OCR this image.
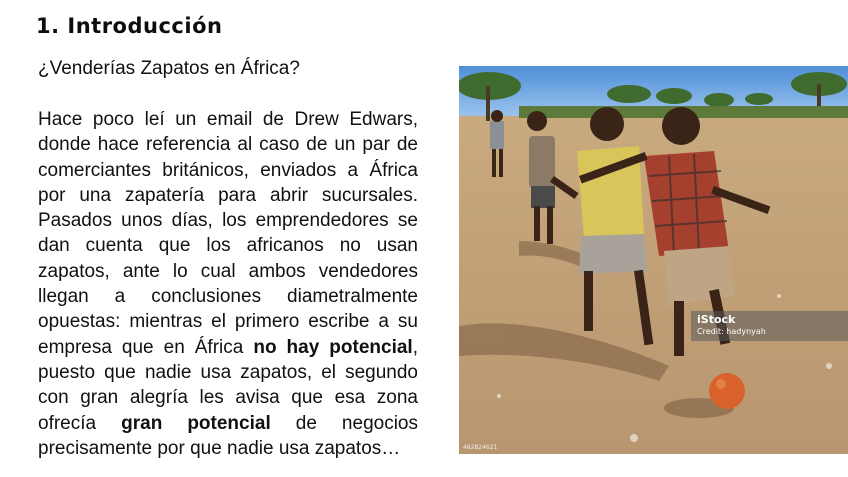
1. Introducción
¿Venderías Zapatos en África?
Hace poco leí un email de Drew Edwars, donde hace referencia al caso de un par de comerciantes británicos, enviados a África por una zapatería para abrir sucursales. Pasados unos días, los emprendedores se dan cuenta que los africanos no usan zapatos, ante lo cual ambos vendedores llegan a conclusiones diametralmente opuestas: mientras el primero escribe a su empresa que en África no hay potencial, puesto que nadie usa zapatos, el segundo con gran alegría les avisa que esa zona ofrecía gran potencial de negocios precisamente por que nadie usa zapatos…
iStock
Credit: hadynyah
462824621
